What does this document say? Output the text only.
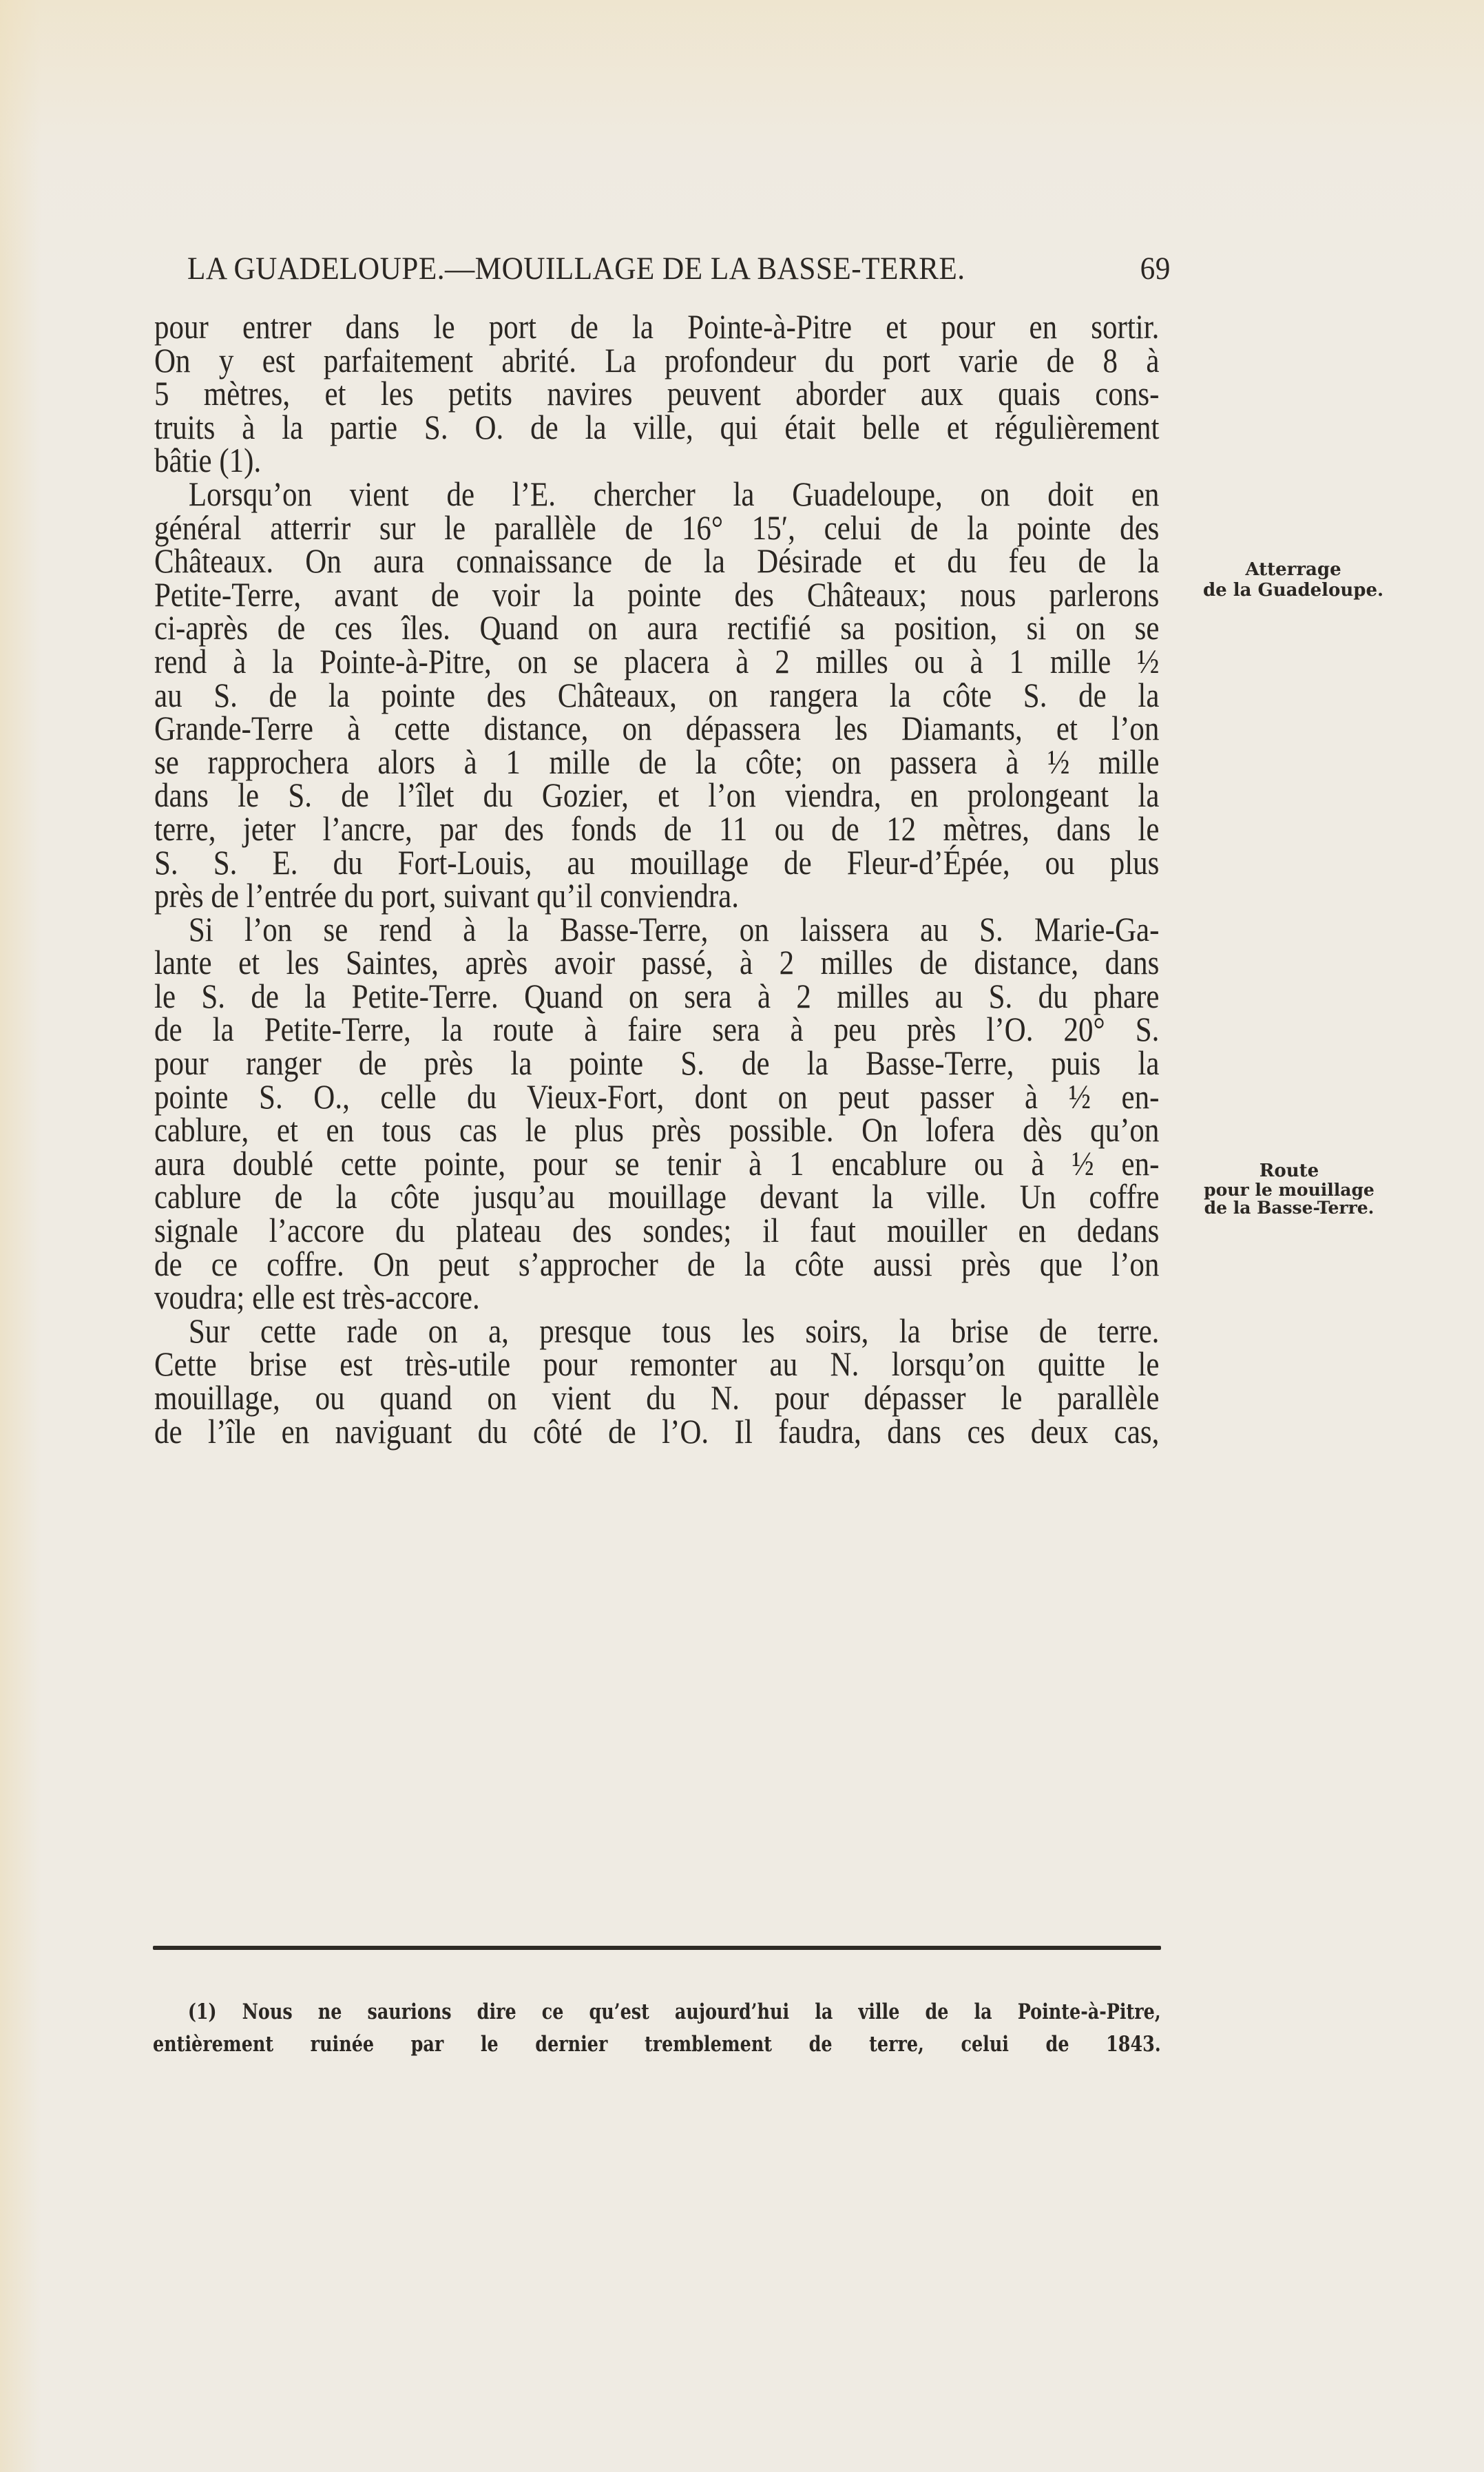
LA GUADELOUPE.—MOUILLAGE DE LA BASSE-TERRE.	69
pour entrer dans le port de la Pointe-à-Pitre et pour en sortir.
On y est parfaitement abrité. La profondeur du port varie de 8 à
5 mètres, et les petits navires peuvent aborder aux quais cons-
truits à la partie S. O. de la ville, qui était belle et régulièrement
bâtie (1).
Lorsqu’on vient de l’E. chercher la Guadeloupe, on doit en
général atterrir sur le parallèle de 16° 15′, celui de la pointe des
Châteaux. On aura connaissance de la Désirade et du feu de la
Petite-Terre, avant de voir la pointe des Châteaux; nous parlerons
ci-après de ces îles. Quand on aura rectifié sa position, si on se
rend à la Pointe-à-Pitre, on se placera à 2 milles ou à 1 mille ½
au S. de la pointe des Châteaux, on rangera la côte S. de la
Grande-Terre à cette distance, on dépassera les Diamants, et l’on
se rapprochera alors à 1 mille de la côte; on passera à ½ mille
dans le S. de l’îlet du Gozier, et l’on viendra, en prolongeant la
terre, jeter l’ancre, par des fonds de 11 ou de 12 mètres, dans le
S. S. E. du Fort-Louis, au mouillage de Fleur-d’Épée, ou plus
près de l’entrée du port, suivant qu’il conviendra.
Si l’on se rend à la Basse-Terre, on laissera au S. Marie-Ga-
lante et les Saintes, après avoir passé, à 2 milles de distance, dans
le S. de la Petite-Terre. Quand on sera à 2 milles au S. du phare
de la Petite-Terre, la route à faire sera à peu près l’O. 20° S.
pour ranger de près la pointe S. de la Basse-Terre, puis la
pointe S. O., celle du Vieux-Fort, dont on peut passer à ½ en-
cablure, et en tous cas le plus près possible. On lofera dès qu’on
aura doublé cette pointe, pour se tenir à 1 encablure ou à ½ en-
cablure de la côte jusqu’au mouillage devant la ville. Un coffre
signale l’accore du plateau des sondes; il faut mouiller en dedans
de ce coffre. On peut s’approcher de la côte aussi près que l’on
voudra; elle est très-accore.
Sur cette rade on a, presque tous les soirs, la brise de terre.
Cette brise est très-utile pour remonter au N. lorsqu’on quitte le
mouillage, ou quand on vient du N. pour dépasser le parallèle
de l’île en naviguant du côté de l’O. Il faudra, dans ces deux cas,
Atterrage
de la Guadeloupe.
Route
pour le mouillage
de la Basse-Terre.
(1) Nous ne saurions dire ce qu’est aujourd’hui la ville de la Pointe-à-Pitre,
entièrement ruinée par le dernier tremblement de terre, celui de 1843.
